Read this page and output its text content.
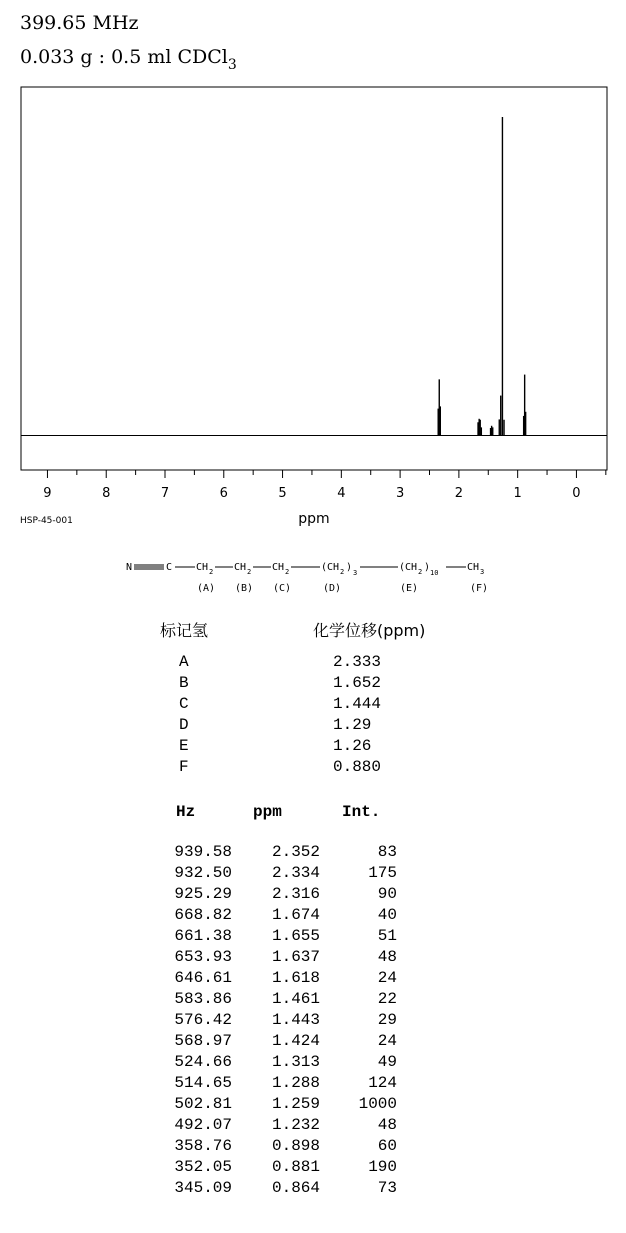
399.65 MHz
0.033 g : 0.5 ml CDCl$_3$
9	8	7	6	5	4	3	2	1	0
ppm
HSP-45-001
N	C CH 2 CH 2 CH 2	( CH 2 ) 3	( CH 2 ) 10	CH 3
(A) (B) (C)	(D)	(E)	(F)
标记氢	化学位移(ppm)
A	2.333
B	1.652
C	1.444
D	1.29
E	1.26
F	0.880
Hz	ppm	Int.
939.58	2.352	83
932.50	2.334	175
925.29	2.316	90
668.82	1.674	40
661.38	1.655	51
653.93	1.637	48
646.61	1.618	24
583.86	1.461	22
576.42	1.443	29
568.97	1.424	24
524.66	1.313	49
514.65	1.288	124
502.81	1.259	1000
492.07	1.232	48
358.76	0.898	60
352.05	0.881	190
345.09	0.864	73
